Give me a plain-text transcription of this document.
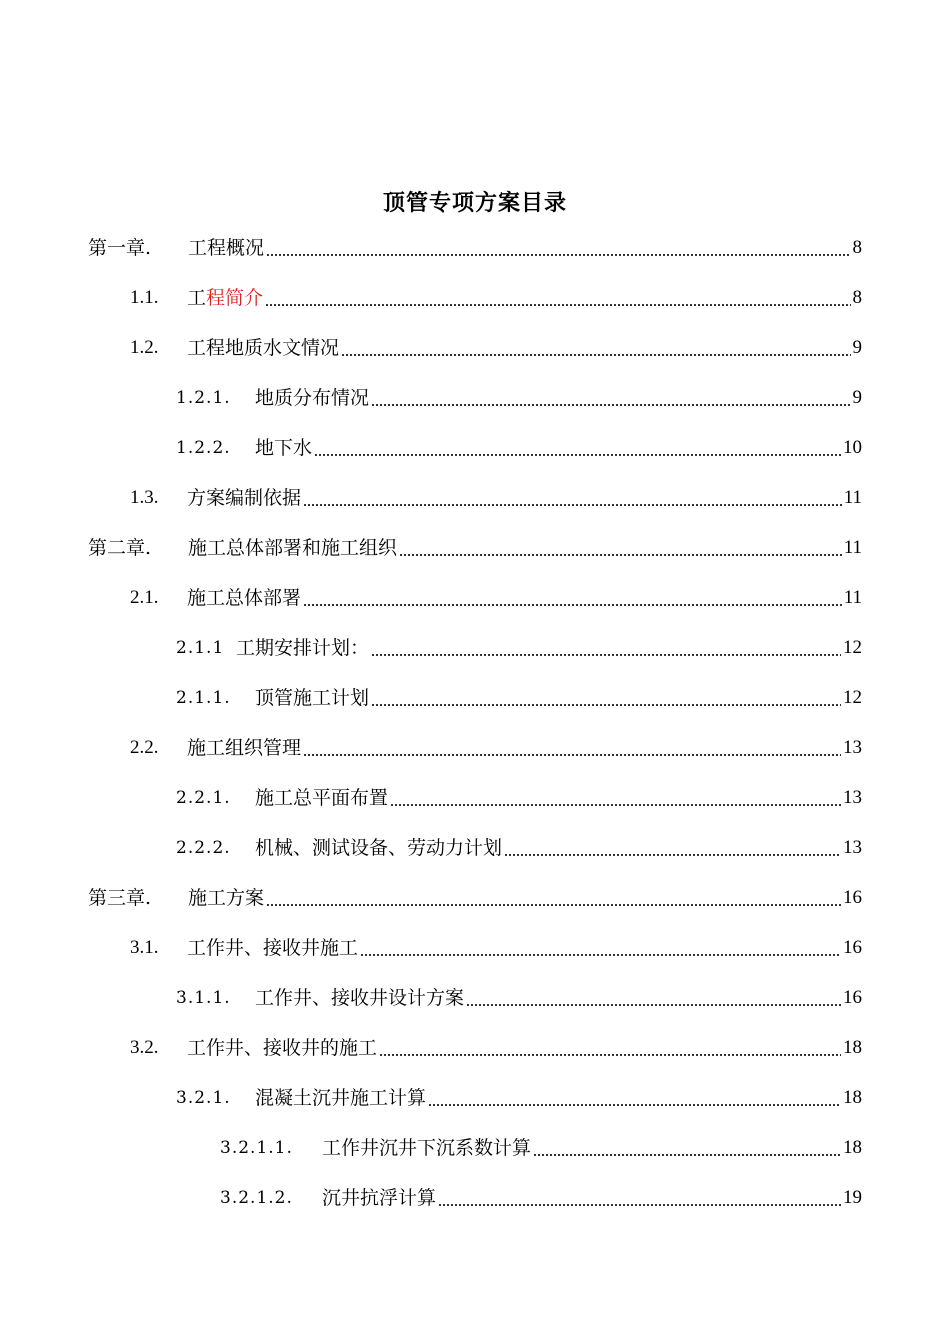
顶管专项方案目录
第一章.	工程概况	8
1.1.	工程简介	8
1.2.	工程地质水文情况	9
1.2.1.	地质分布情况	9
1.2.2.	地下水	10
1.3.	方案编制依据	11
第二章.	施工总体部署和施工组织	11
2.1.	施工总体部署	11
2.1.1 工期安排计划：	12
2.1.1.	顶管施工计划	12
2.2.	施工组织管理	13
2.2.1.	施工总平面布置	13
2.2.2.	机械、测试设备、劳动力计划	13
第三章.	施工方案	16
3.1.	工作井、接收井施工	16
3.1.1.	工作井、接收井设计方案	16
3.2.	工作井、接收井的施工	18
3.2.1.	混凝土沉井施工计算	18
3.2.1.1.	工作井沉井下沉系数计算	18
3.2.1.2.	沉井抗浮计算	19
